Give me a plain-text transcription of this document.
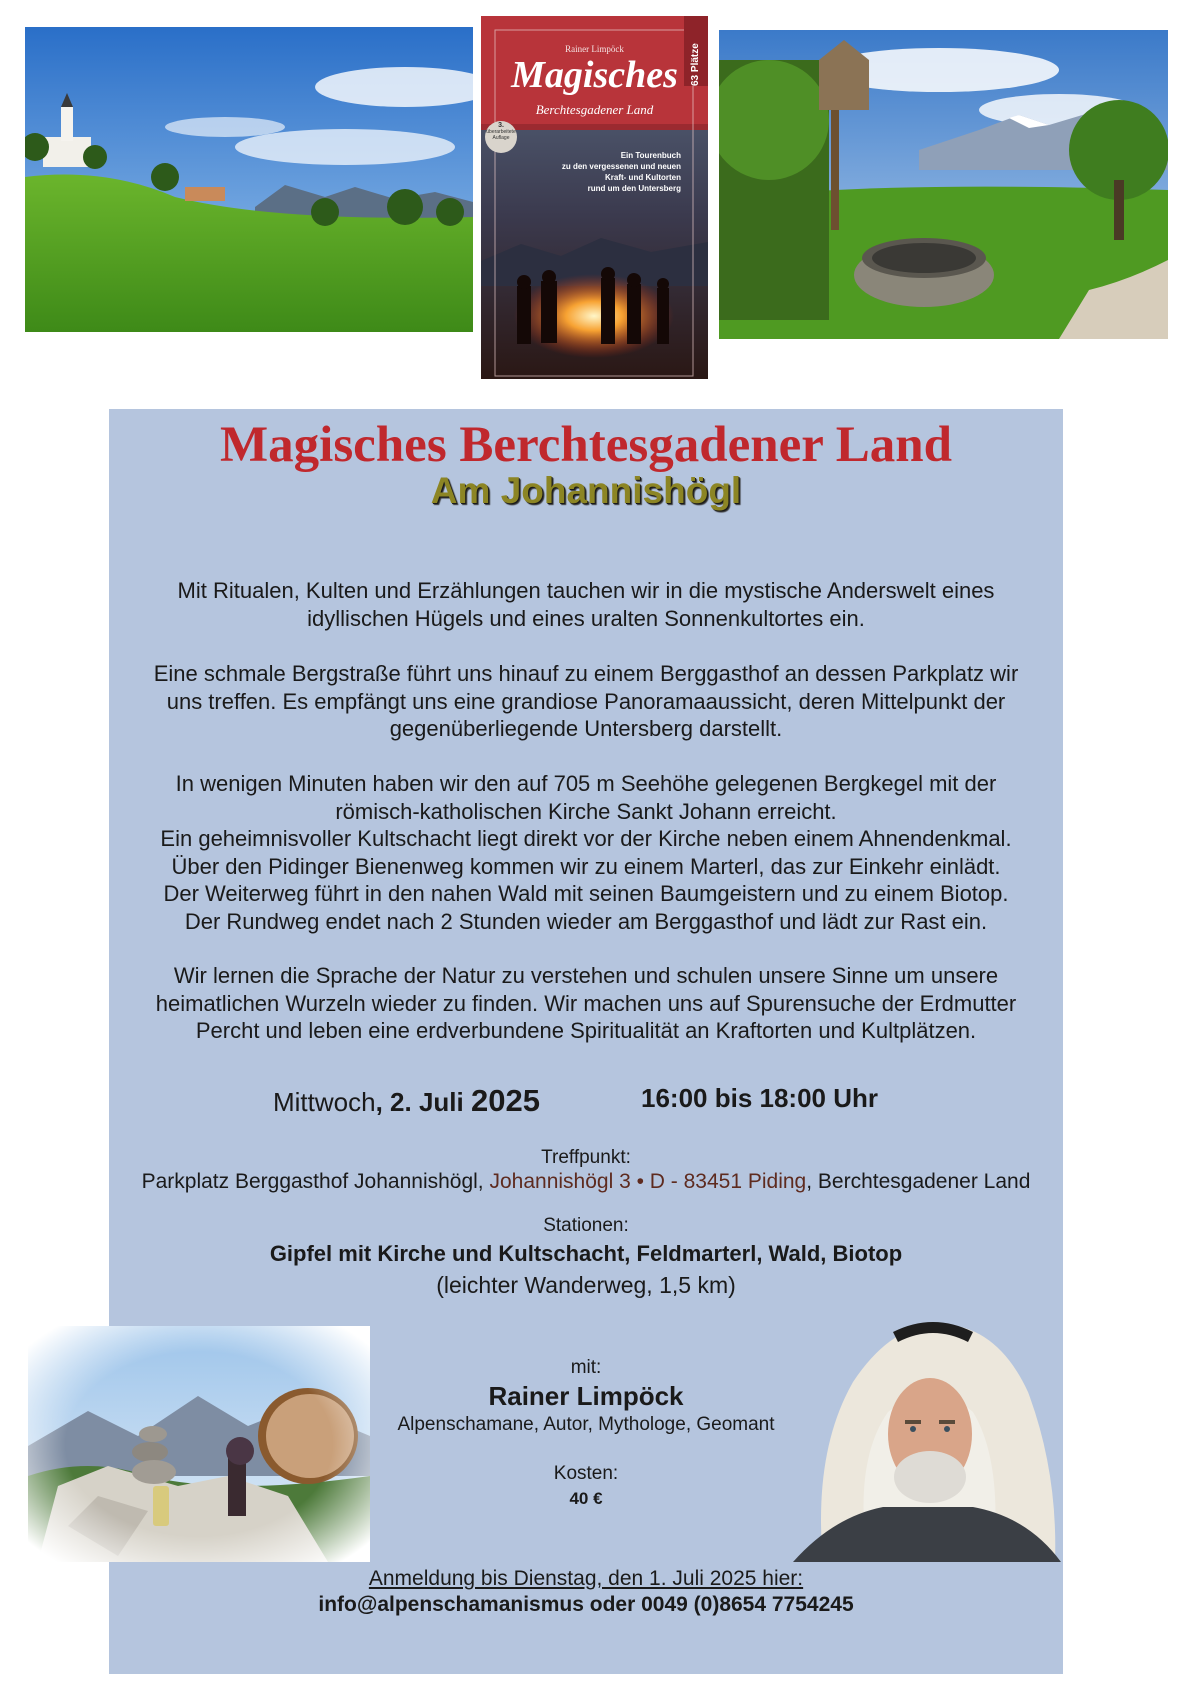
Rainer Limpöck
Magisches
Berchtesgadener Land
63 Plätze
3.
überarbeitete
Auflage
Ein Tourenbuch
zu den vergessenen und neuen
Kraft- und Kultorten
rund um den Untersberg
Magisches Berchtesgadener Land
Am Johannishögl

Mit Ritualen, Kulten und Erzählungen tauchen wir in die mystische Anderswelt eines

idyllischen Hügels und eines uralten Sonnenkultortes ein.

Eine schmale Bergstraße führt uns hinauf zu einem Berggasthof an dessen Parkplatz wir

uns treffen. Es empfängt uns eine grandiose Panoramaaussicht, deren Mittelpunkt der

gegenüberliegende Untersberg darstellt.

In wenigen Minuten haben wir den auf 705 m Seehöhe gelegenen Bergkegel mit der

römisch-katholischen Kirche Sankt Johann erreicht.

Ein geheimnisvoller Kultschacht liegt direkt vor der Kirche neben einem Ahnendenkmal.

Über den Pidinger Bienenweg kommen wir zu einem Marterl, das zur Einkehr einlädt.

Der Weiterweg führt in den nahen Wald mit seinen Baumgeistern und zu einem Biotop.

Der Rundweg endet nach 2 Stunden wieder am Berggasthof und lädt zur Rast ein.

Wir lernen die Sprache der Natur zu verstehen und schulen unsere Sinne um unsere

heimatlichen Wurzeln wieder zu finden. Wir machen uns auf Spurensuche der Erdmutter

Percht und leben eine erdverbundene Spiritualität an Kraftorten und Kultplätzen.

Mittwoch, 2. Juli 2025	16:00 bis 18:00 Uhr
Treffpunkt:
Parkplatz Berggasthof Johannishögl, Johannishögl 3 • D - 83451 Piding, Berchtesgadener Land
Stationen:
Gipfel mit Kirche und Kultschacht, Feldmarterl, Wald, Biotop
(leichter Wanderweg, 1,5 km)
mit:
Rainer Limpöck
Alpenschamane, Autor, Mythologe, Geomant
Kosten:
40 €
Anmeldung bis Dienstag, den 1. Juli 2025 hier:
info@alpenschamanismus oder 0049 (0)8654 7754245
